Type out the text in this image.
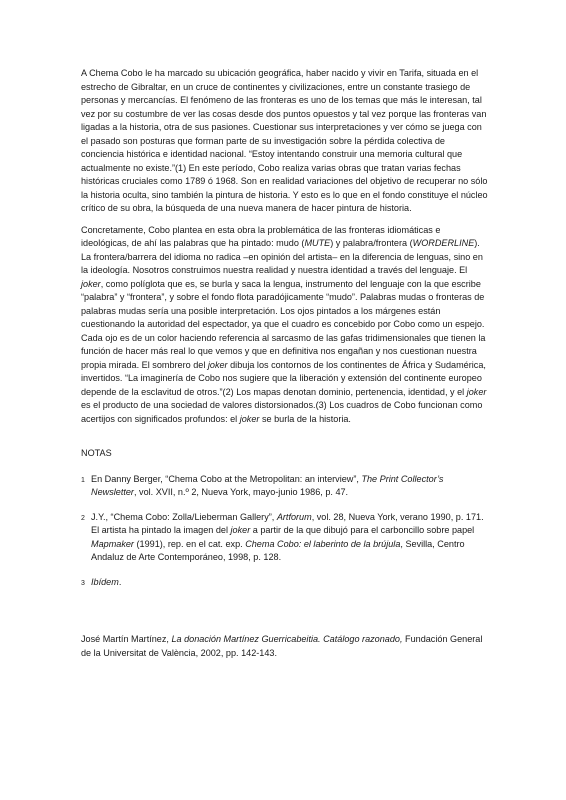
A Chema Cobo le ha marcado su ubicación geográfica, haber nacido y vivir en Tarifa, situada en el estrecho de Gibraltar, en un cruce de continentes y civilizaciones, entre un constante trasiego de personas y mercancías. El fenómeno de las fronteras es uno de los temas que más le interesan, tal vez por su costumbre de ver las cosas desde dos puntos opuestos y tal vez porque las fronteras van ligadas a la historia, otra de sus pasiones. Cuestionar sus interpretaciones y ver cómo se juega con el pasado son posturas que forman parte de su investigación sobre la pérdida colectiva de conciencia histórica e identidad nacional. “Estoy intentando construir una memoria cultural que actualmente no existe.”(1) En este período, Cobo realiza varias obras que tratan varias fechas históricas cruciales como 1789 ó 1968. Son en realidad variaciones del objetivo de recuperar no sólo la historia oculta, sino también la pintura de historia. Y esto es lo que en el fondo constituye el núcleo crítico de su obra, la búsqueda de una nueva manera de hacer pintura de historia.

Concretamente, Cobo plantea en esta obra la problemática de las fronteras idiomáticas e ideológicas, de ahí las palabras que ha pintado: mudo (MUTE) y palabra/frontera (WORDERLINE). La frontera/barrera del idioma no radica –en opinión del artista– en la diferencia de lenguas, sino en la ideología. Nosotros construimos nuestra realidad y nuestra identidad a través del lenguaje. El joker, como políglota que es, se burla y saca la lengua, instrumento del lenguaje con la que escribe “palabra” y “frontera”, y sobre el fondo flota paradójicamente “mudo”. Palabras mudas o fronteras de palabras mudas sería una posible interpretación. Los ojos pintados a los márgenes están cuestionando la autoridad del espectador, ya que el cuadro es concebido por Cobo como un espejo. Cada ojo es de un color haciendo referencia al sarcasmo de las gafas tridimensionales que tienen la función de hacer más real lo que vemos y que en definitiva nos engañan y nos cuestionan nuestra propia mirada. El sombrero del joker dibuja los contornos de los continentes de África y Sudamérica, invertidos. “La imaginería de Cobo nos sugiere que la liberación y extensión del continente europeo depende de la esclavitud de otros.”(2) Los mapas denotan dominio, pertenencia, identidad, y el joker es el producto de una sociedad de valores distorsionados.(3) Los cuadros de Cobo funcionan como acertijos con significados profundos: el joker se burla de la historia.

NOTAS
1 En Danny Berger, “Chema Cobo at the Metropolitan: an interview”, The Print Collector’s Newsletter, vol. XVII, n.º 2, Nueva York, mayo-junio 1986, p. 47.
2 J.Y., “Chema Cobo: Zolla/Lieberman Gallery”, Artforum, vol. 28, Nueva York, verano 1990, p. 171. El artista ha pintado la imagen del joker a partir de la que dibujó para el carboncillo sobre papel Mapmaker (1991), rep. en el cat. exp. Chema Cobo: el laberinto de la brújula, Sevilla, Centro Andaluz de Arte Contemporáneo, 1998, p. 128.
3 Ibídem.

José Martín Martínez, La donación Martínez Guerricabeitia. Catálogo razonado, Fundación General de la Universitat de València, 2002, pp. 142-143.
